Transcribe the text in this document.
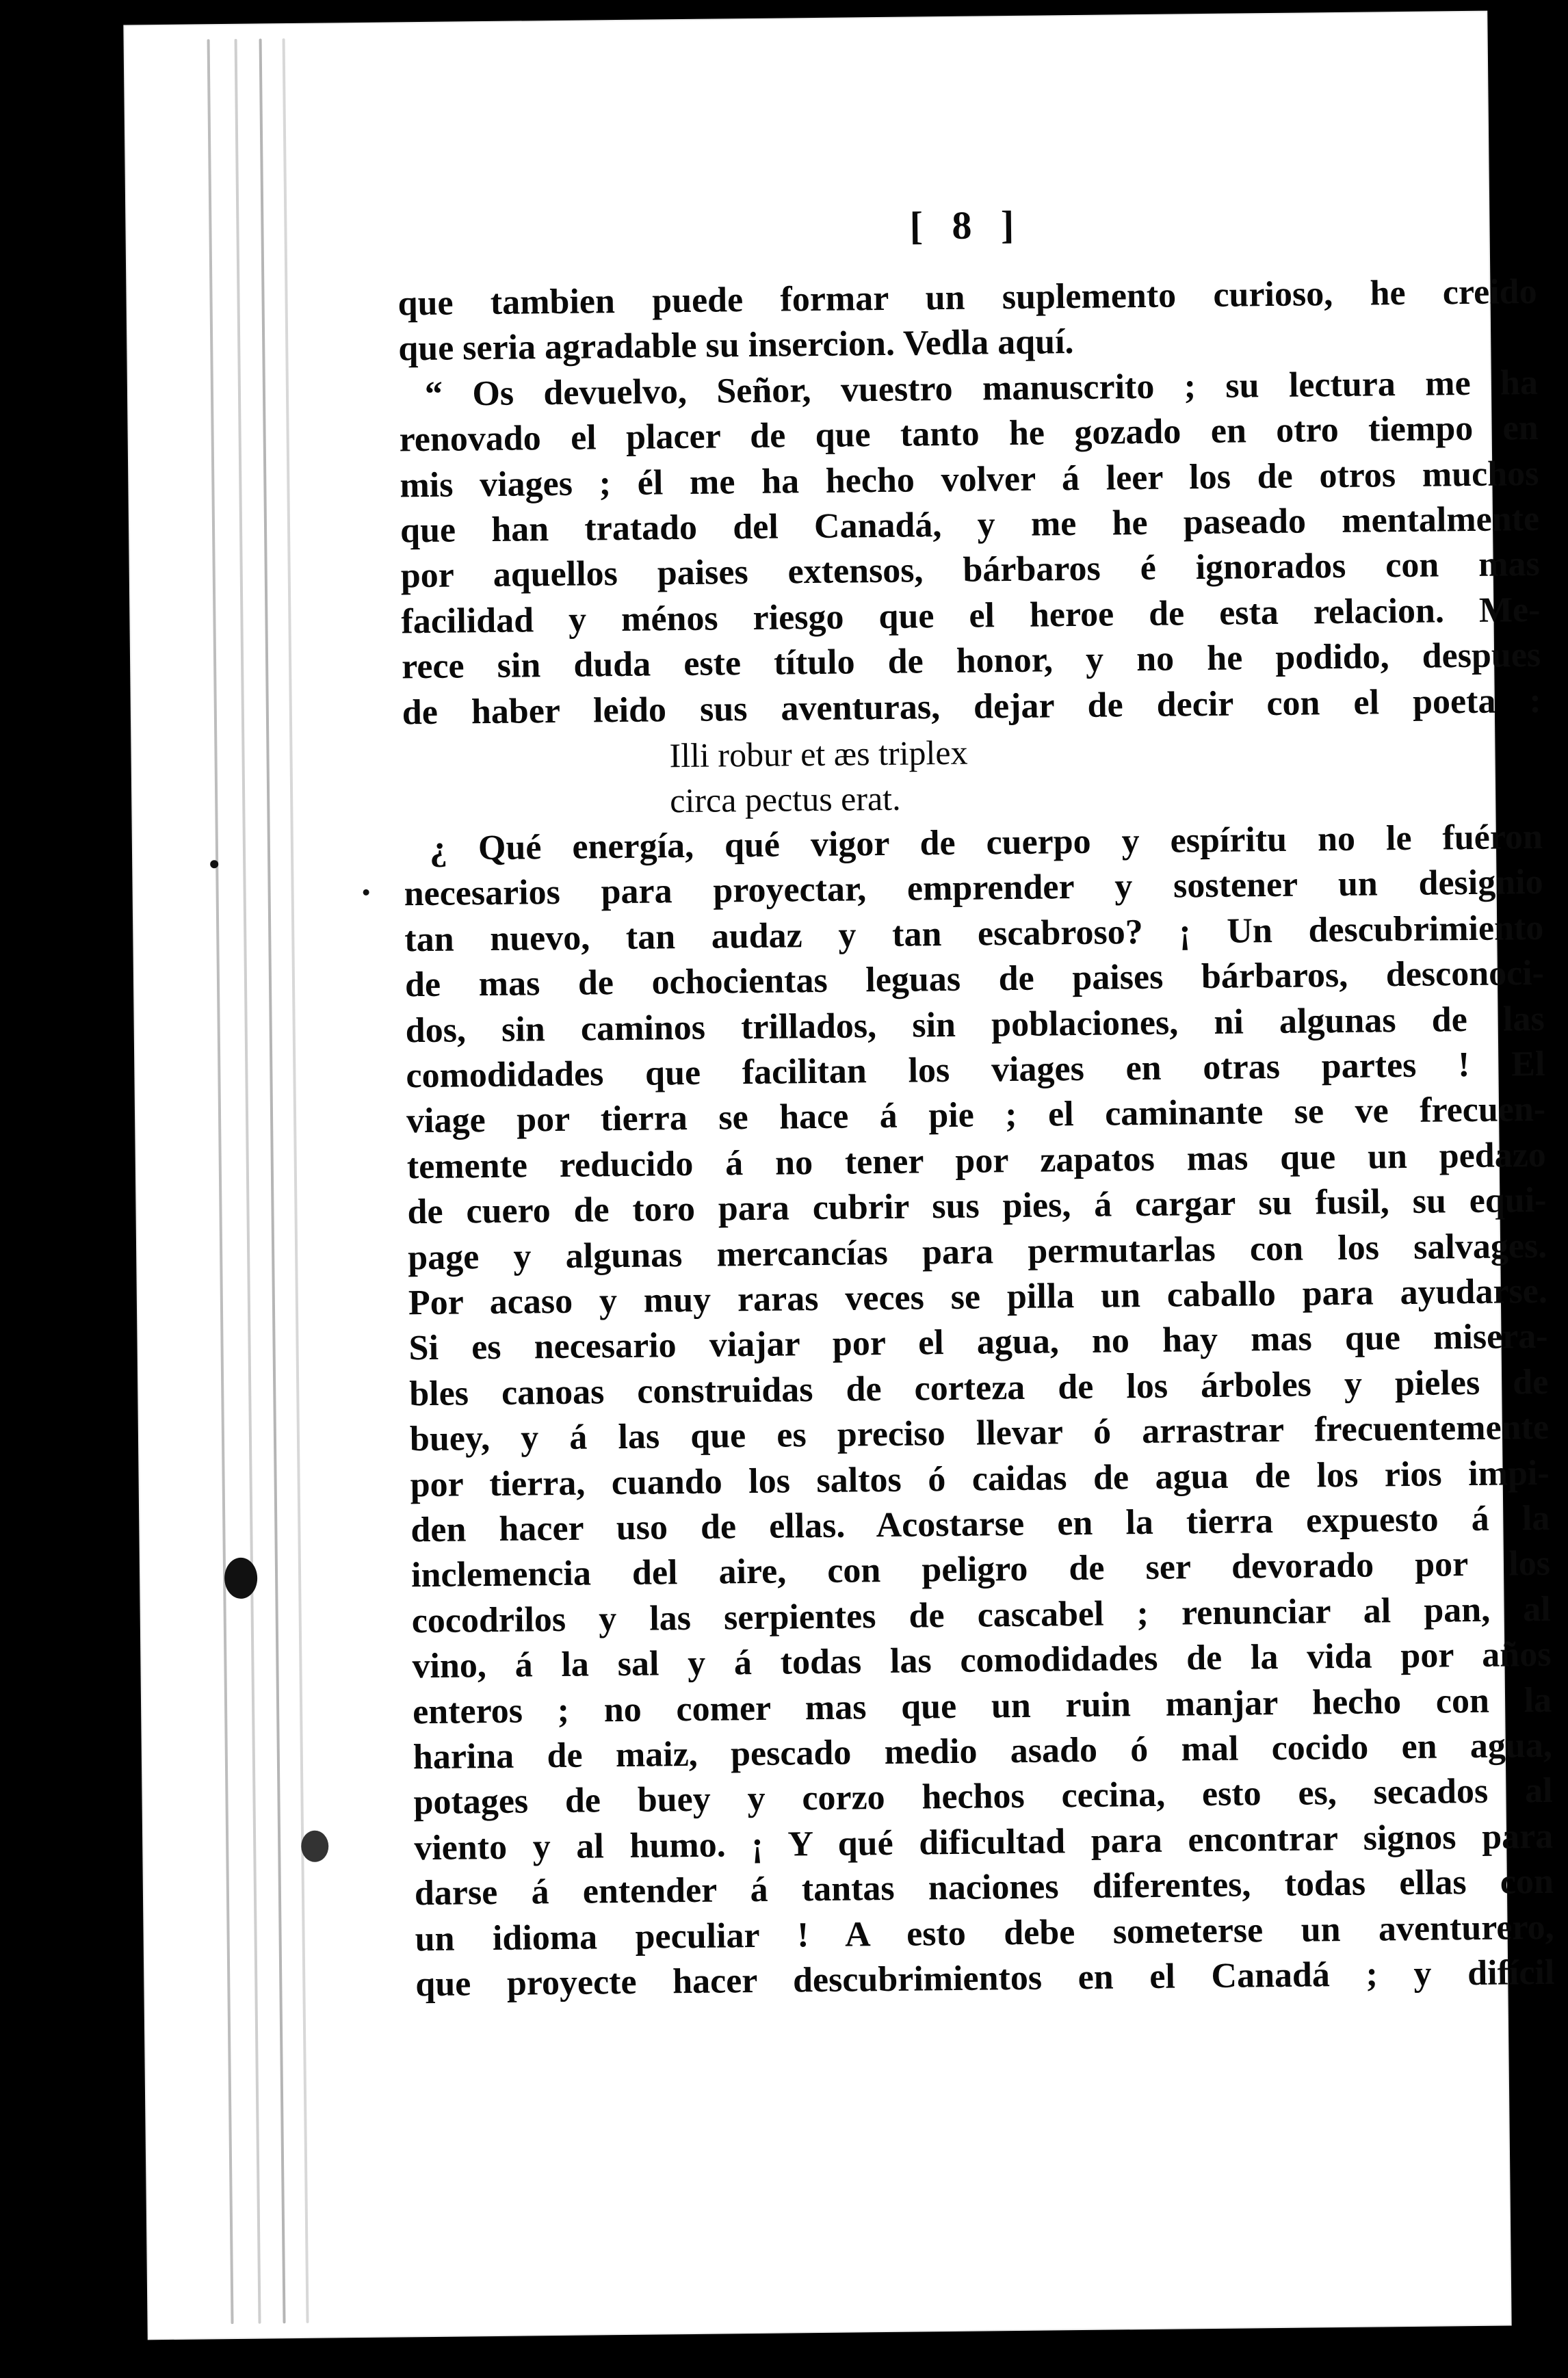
[ 8 ]
que tambien puede formar un suplemento curioso, he creido
que seria agradable su insercion. Vedla aquí.
“ Os devuelvo, Señor, vuestro manuscrito ; su lectura me ha
renovado el placer de que tanto he gozado en otro tiempo en
mis viages ; él me ha hecho volver á leer los de otros muchos
que han tratado del Canadá, y me he paseado mentalmente
por aquellos paises extensos, bárbaros é ignorados con mas
facilidad y ménos riesgo que el heroe de esta relacion. Me-
rece sin duda este título de honor, y no he podido, despues
de haber leido sus aventuras, dejar de decir con el poeta :
Illi robur et æs triplex
circa pectus erat.
¿ Qué energía, qué vigor de cuerpo y espíritu no le fuéron
necesarios para proyectar, emprender y sostener un designio
tan nuevo, tan audaz y tan escabroso? ¡ Un descubrimiento
de mas de ochocientas leguas de paises bárbaros, desconoci-
dos, sin caminos trillados, sin poblaciones, ni algunas de las
comodidades que facilitan los viages en otras partes ! El
viage por tierra se hace á pie ; el caminante se ve frecuen-
temente reducido á no tener por zapatos mas que un pedazo
de cuero de toro para cubrir sus pies, á cargar su fusil, su equi-
page y algunas mercancías para permutarlas con los salvages.
Por acaso y muy raras veces se pilla un caballo para ayudarse.
Si es necesario viajar por el agua, no hay mas que misera-
bles canoas construidas de corteza de los árboles y pieles de
buey, y á las que es preciso llevar ó arrastrar frecuentemente
por tierra, cuando los saltos ó caidas de agua de los rios impi-
den hacer uso de ellas. Acostarse en la tierra expuesto á la
inclemencia del aire, con peligro de ser devorado por los
cocodrilos y las serpientes de cascabel ; renunciar al pan, al
vino, á la sal y á todas las comodidades de la vida por años
enteros ; no comer mas que un ruin manjar hecho con la
harina de maiz, pescado medio asado ó mal cocido en agua,
potages de buey y corzo hechos cecina, esto es, secados al
viento y al humo. ¡ Y qué dificultad para encontrar signos para
darse á entender á tantas naciones diferentes, todas ellas con
un idioma peculiar ! A esto debe someterse un aventurero,
que proyecte hacer descubrimientos en el Canadá ; y difícil
